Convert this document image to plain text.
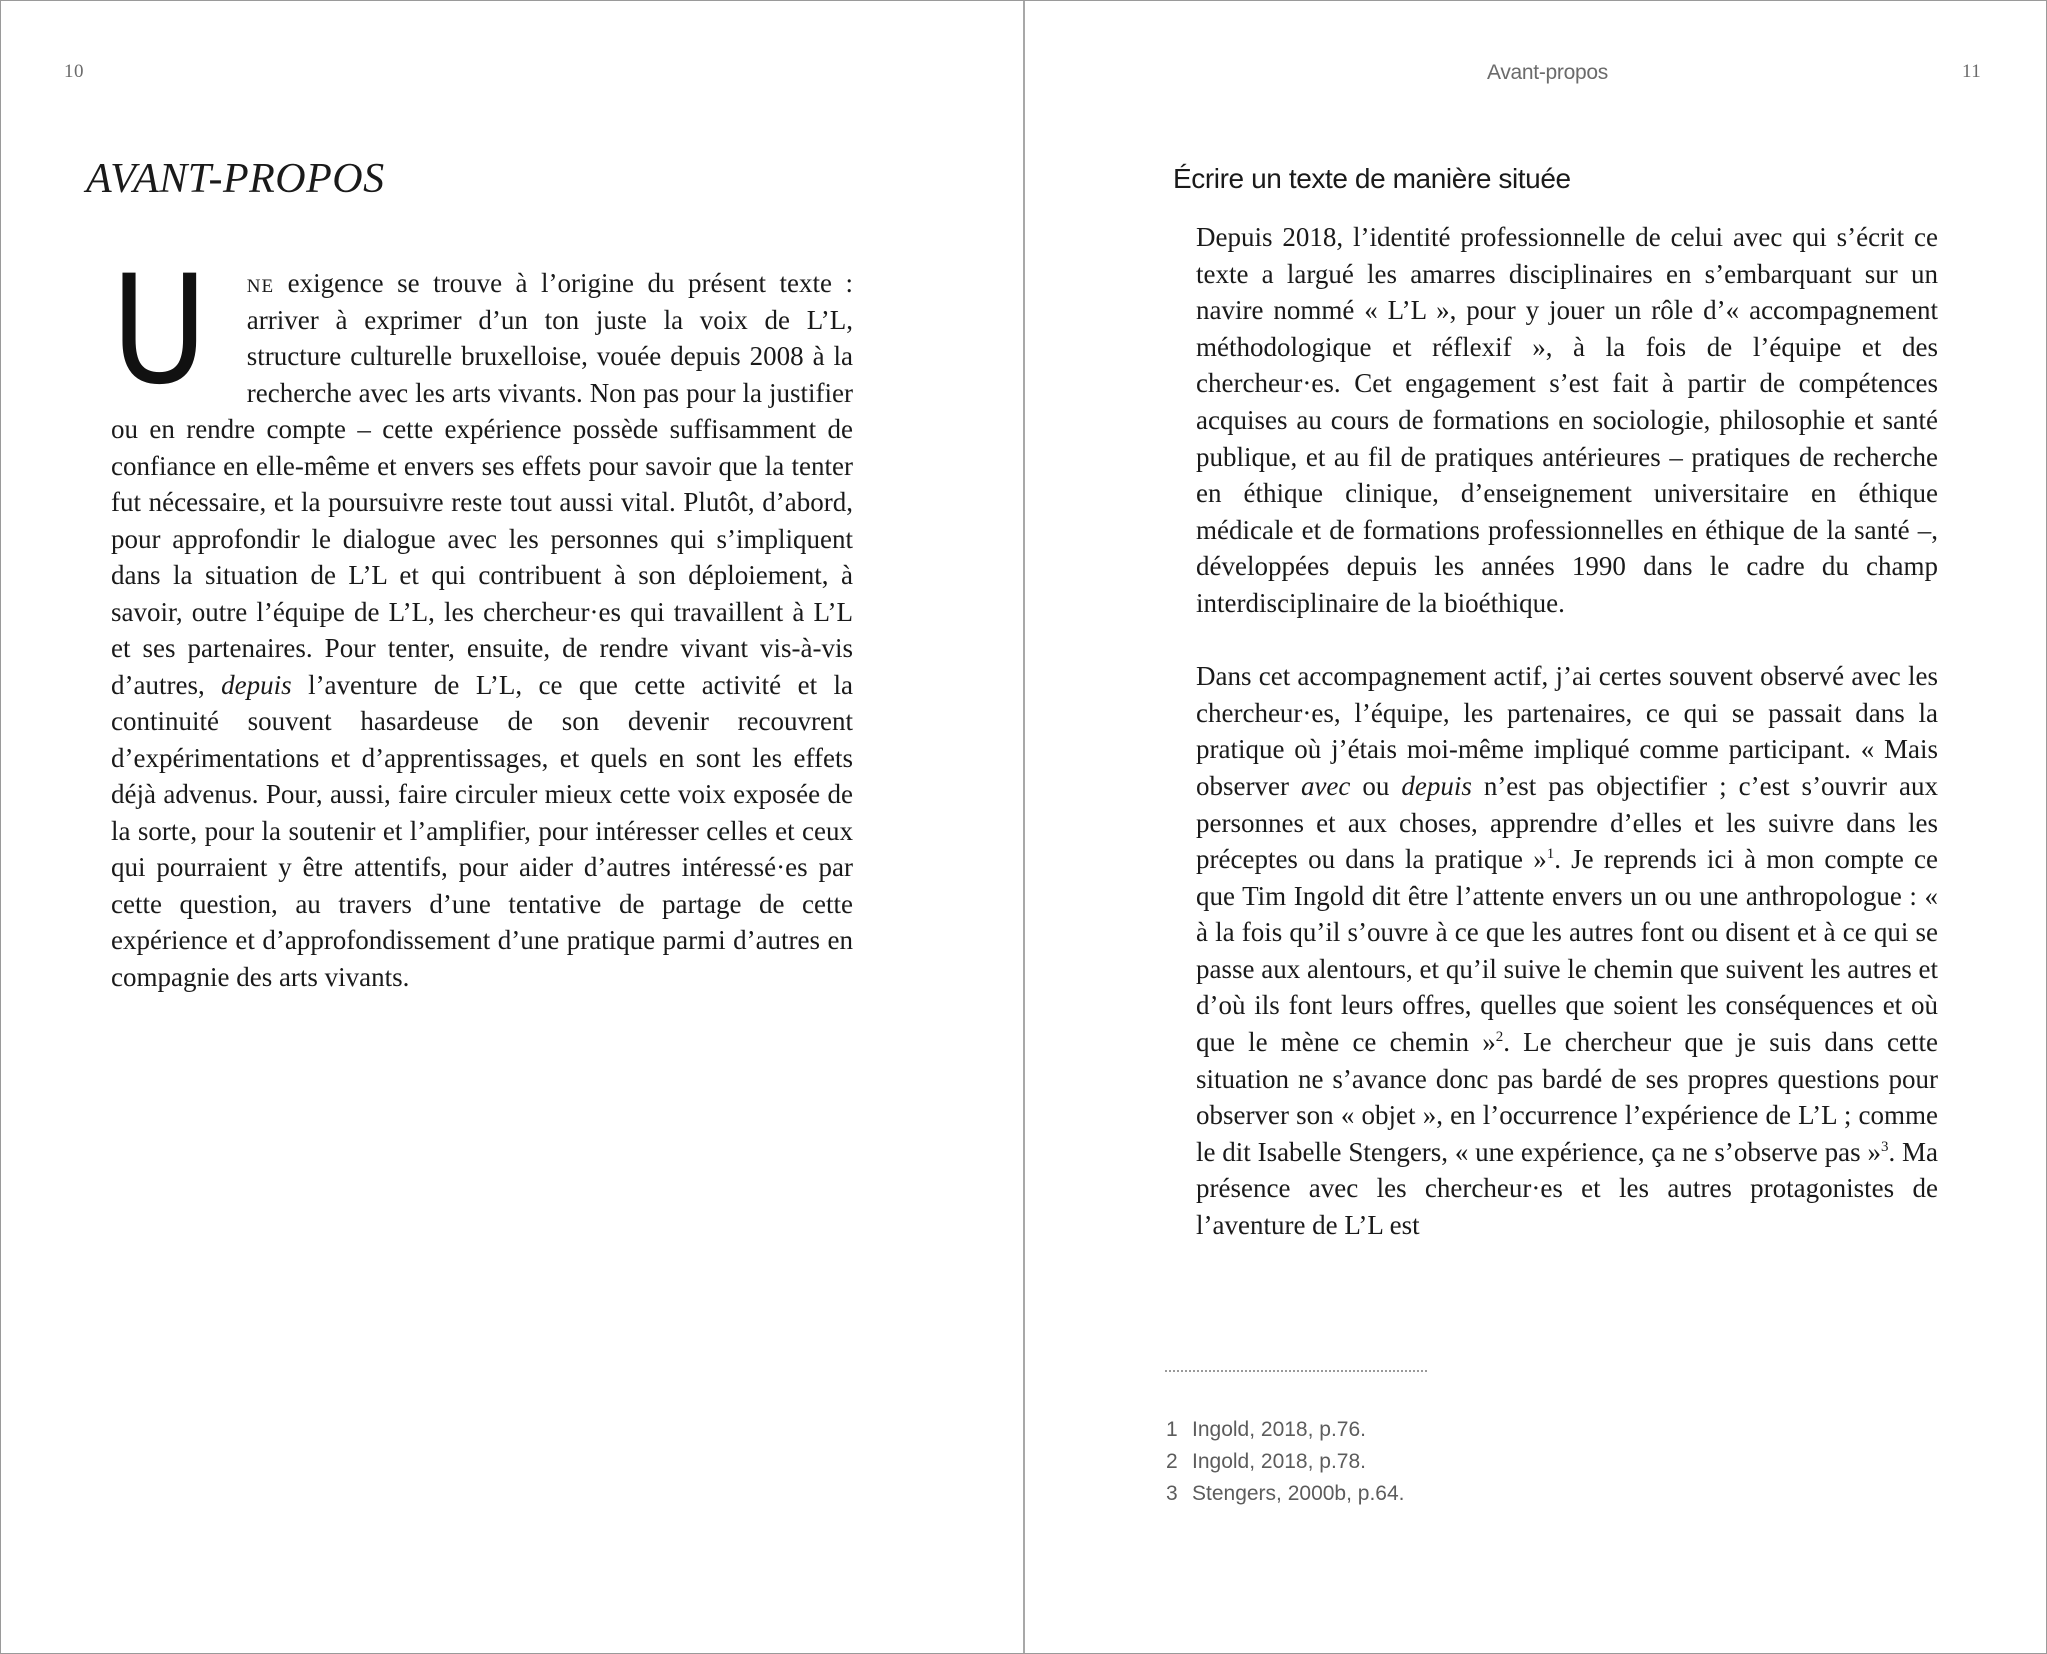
10
AVANT-PROPOS

U ne exigence se trouve à l’origine du présent texte : arriver à exprimer d’un ton juste la voix de L’L, structure culturelle bruxelloise, vouée depuis 2008 à la recherche avec les arts vivants. Non pas pour la justifier ou en rendre compte – cette expérience possède suffisamment de confiance en elle-même et envers ses effets pour savoir que la tenter fut nécessaire, et la poursuivre reste tout aussi vital. Plutôt, d’abord, pour approfondir le dialogue avec les personnes qui s’impliquent dans la situation de L’L et qui contribuent à son déploiement, à savoir, outre l’équipe de L’L, les chercheur·es qui travaillent à L’L et ses partenaires. Pour tenter, ensuite, de rendre vivant vis-à-vis d’autres, depuis l’aventure de L’L, ce que cette activité et la continuité souvent hasardeuse de son devenir recouvrent d’expérimentations et d’apprentissages, et quels en sont les effets déjà advenus. Pour, aussi, faire circuler mieux cette voix exposée de la sorte, pour la soutenir et l’amplifier, pour intéresser celles et ceux qui pourraient y être attentifs, pour aider d’autres intéressé·es par cette question, au travers d’une tentative de partage de cette expérience et d’approfondissement d’une pratique parmi d’autres en compagnie des arts vivants.

Avant-propos	11
Écrire un texte de manière située

Depuis 2018, l’identité professionnelle de celui avec qui s’écrit ce texte a largué les amarres disciplinaires en s’embarquant sur un navire nommé « L’L », pour y jouer un rôle d’« accompagnement méthodologique et réflexif », à la fois de l’équipe et des chercheur·es. Cet engagement s’est fait à partir de compétences acquises au cours de formations en sociologie, philosophie et santé publique, et au fil de pratiques antérieures – pratiques de recherche en éthique clinique, d’enseignement universitaire en éthique médicale et de formations professionnelles en éthique de la santé –, développées depuis les années 1990 dans le cadre du champ interdisciplinaire de la bioéthique.

Dans cet accompagnement actif, j’ai certes souvent observé avec les chercheur·es, l’équipe, les partenaires, ce qui se passait dans la pratique où j’étais moi-même impliqué comme participant. « Mais observer avec ou depuis n’est pas objectifier ; c’est s’ouvrir aux personnes et aux choses, apprendre d’elles et les suivre dans les préceptes ou dans la pratique »$^1$. Je reprends ici à mon compte ce que Tim Ingold dit être l’attente envers un ou une anthropologue : « à la fois qu’il s’ouvre à ce que les autres font ou disent et à ce qui se passe aux alentours, et qu’il suive le chemin que suivent les autres et d’où ils font leurs offres, quelles que soient les conséquences et où que le mène ce chemin »$^2$. Le chercheur que je suis dans cette situation ne s’avance donc pas bardé de ses propres questions pour observer son « objet », en l’occurrence l’expérience de L’L ; comme le dit Isabelle Stengers, « une expérience, ça ne s’observe pas »$^3$. Ma présence avec les chercheur·es et les autres protagonistes de l’aventure de L’L est

1 Ingold, 2018, p.76.
2 Ingold, 2018, p.78.
3 Stengers, 2000b, p.64.
